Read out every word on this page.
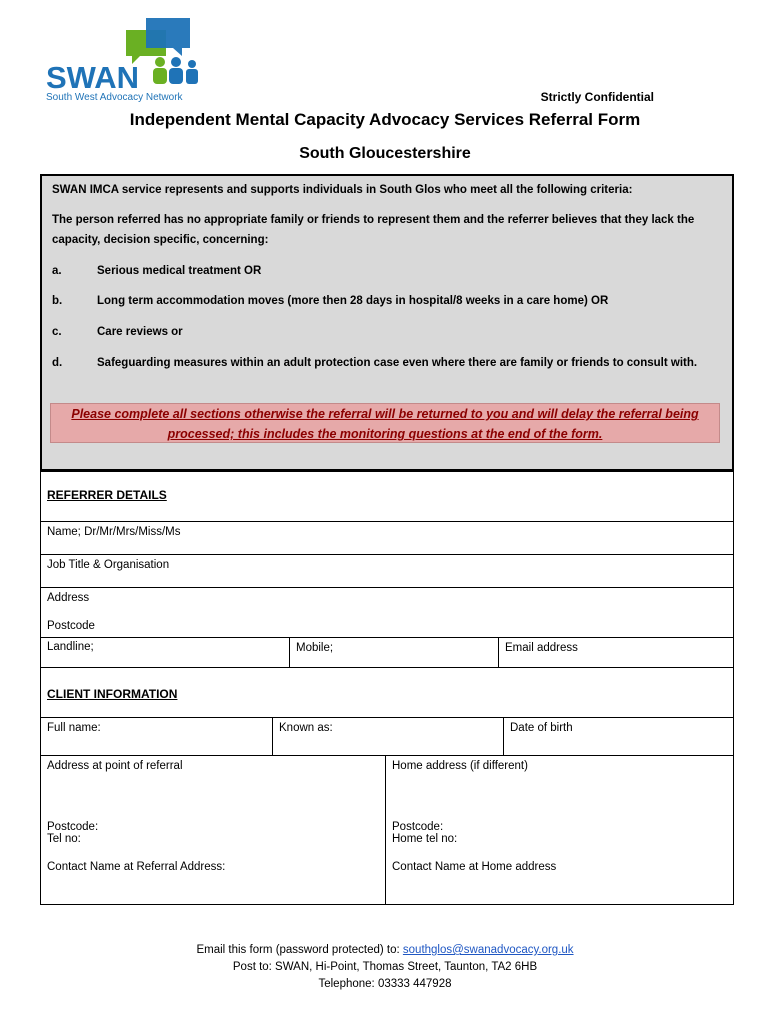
SWAN
South West Advocacy Network	Strictly Confidential
Independent Mental Capacity Advocacy Services Referral Form
South Gloucestershire

SWAN IMCA service represents and supports individuals in South Glos who meet all the following criteria:

The person referred has no appropriate family or friends to represent them and the referrer believes that they lack the capacity, decision specific, concerning:

a.	Serious medical treatment OR
b.	Long term accommodation moves (more then 28 days in hospital/8 weeks in a care home) OR
c.	Care reviews or
d.	Safeguarding measures within an adult protection case even where there are family or friends to consult with.
Please complete all sections otherwise the referral will be returned to you and will delay the referral being processed; this includes the monitoring questions at the end of the form.
REFERRER DETAILS
Name; Dr/Mr/Mrs/Miss/Ms
Job Title & Organisation
Address
Postcode
Landline;	Mobile;	Email address
CLIENT INFORMATION
Full name:	Known as:	Date of birth
Address at point of referral
Postcode:
Tel no:
Contact Name at Referral Address:
Home address (if different)
Postcode:
Home tel no:
Contact Name at Home address
Email this form (password protected) to: southglos@swanadvocacy.org.uk
Post to: SWAN, Hi-Point, Thomas Street, Taunton, TA2 6HB
Telephone: 03333 447928
